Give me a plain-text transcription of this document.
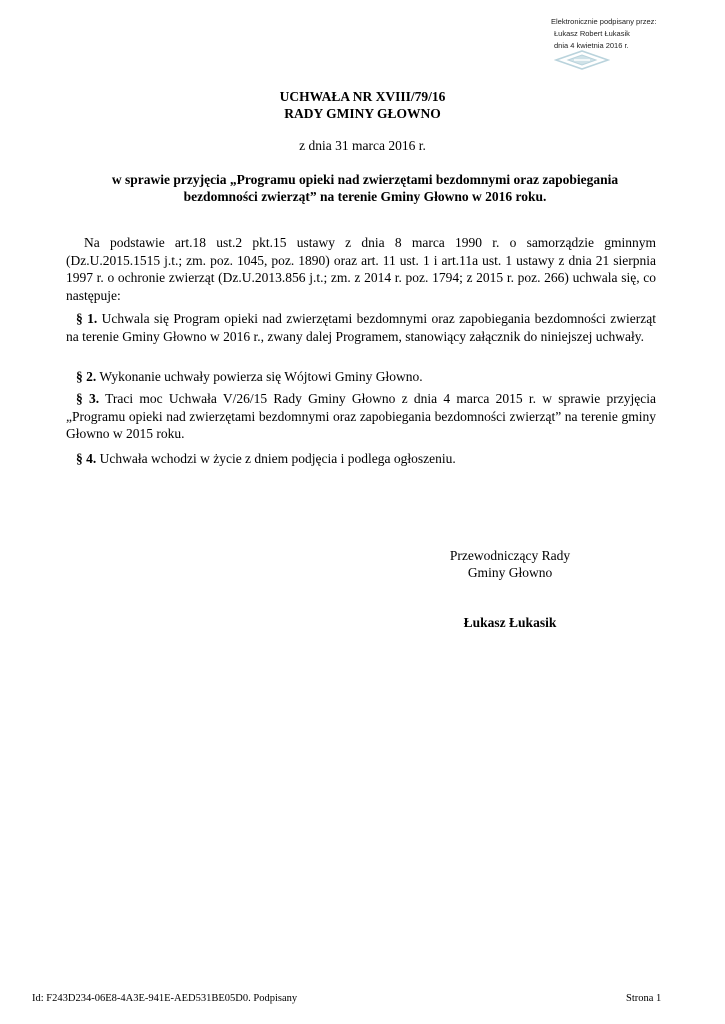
Elektronicznie podpisany przez:
Łukasz Robert Łukasik
dnia 4 kwietnia 2016 r.
UCHWAŁA NR XVIII/79/16
RADY GMINY GŁOWNO
z dnia 31 marca 2016 r.
w sprawie przyjęcia „Programu opieki nad zwierzętami bezdomnymi oraz zapobiegania bezdomności zwierząt” na terenie Gminy Głowno w 2016 roku.
Na podstawie art.18 ust.2 pkt.15 ustawy z dnia 8 marca 1990 r. o samorządzie gminnym (Dz.U.2015.1515 j.t.; zm. poz. 1045, poz. 1890) oraz art. 11 ust. 1 i art.11a ust. 1 ustawy z dnia 21 sierpnia 1997 r. o ochronie zwierząt (Dz.U.2013.856 j.t.; zm. z 2014 r. poz. 1794; z 2015 r. poz. 266) uchwala się, co następuje:
§ 1. Uchwala się Program opieki nad zwierzętami bezdomnymi oraz zapobiegania bezdomności zwierząt na terenie Gminy Głowno w 2016 r., zwany dalej Programem, stanowiący załącznik do niniejszej uchwały.
§ 2. Wykonanie uchwały powierza się Wójtowi Gminy Głowno.
§ 3. Traci moc Uchwała V/26/15 Rady Gminy Głowno z dnia 4 marca 2015 r. w sprawie przyjęcia „Programu opieki nad zwierzętami bezdomnymi oraz zapobiegania bezdomności zwierząt” na terenie gminy Głowno w 2015 roku.
§ 4. Uchwała wchodzi w życie z dniem podjęcia i podlega ogłoszeniu.
Przewodniczący Rady
Gminy Głowno
Łukasz Łukasik
Id: F243D234-06E8-4A3E-941E-AED531BE05D0. Podpisany	Strona 1
